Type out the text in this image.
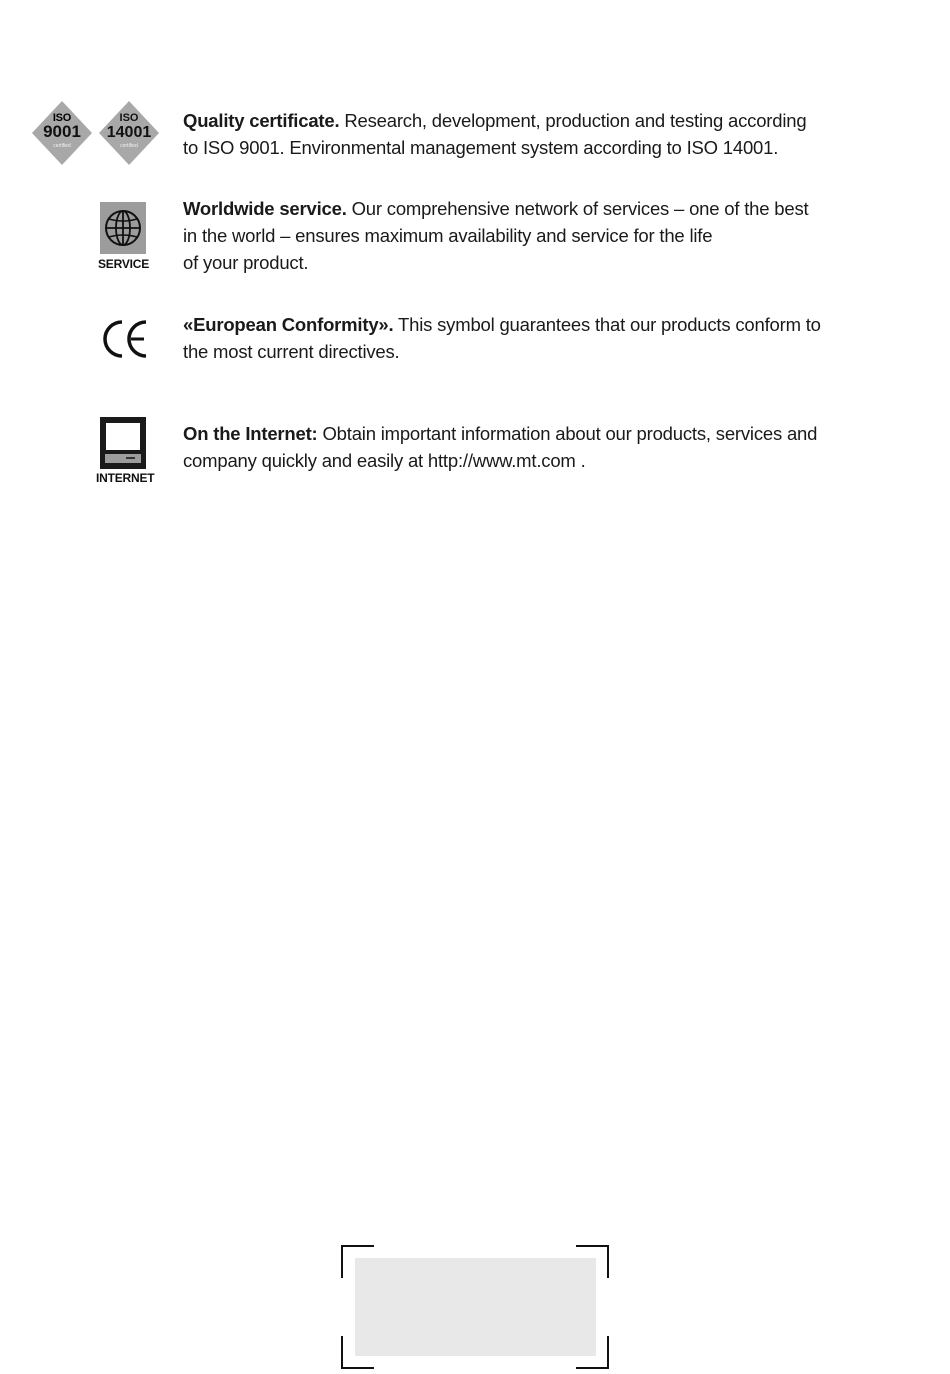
ISO
9001
certified
ISO
14001
certified
Quality certificate. Research, development, production and testing according
to ISO 9001. Environmental management system according to ISO 14001.
SERVICE
Worldwide service. Our comprehensive network of services – one of the best
in the world – ensures maximum availability and service for the life
of your product.
«European Conformity». This symbol guarantees that our products conform to
the most current directives.
INTERNET
On the Internet: Obtain important information about our products, services and
company quickly and easily at http://www.mt.com .
